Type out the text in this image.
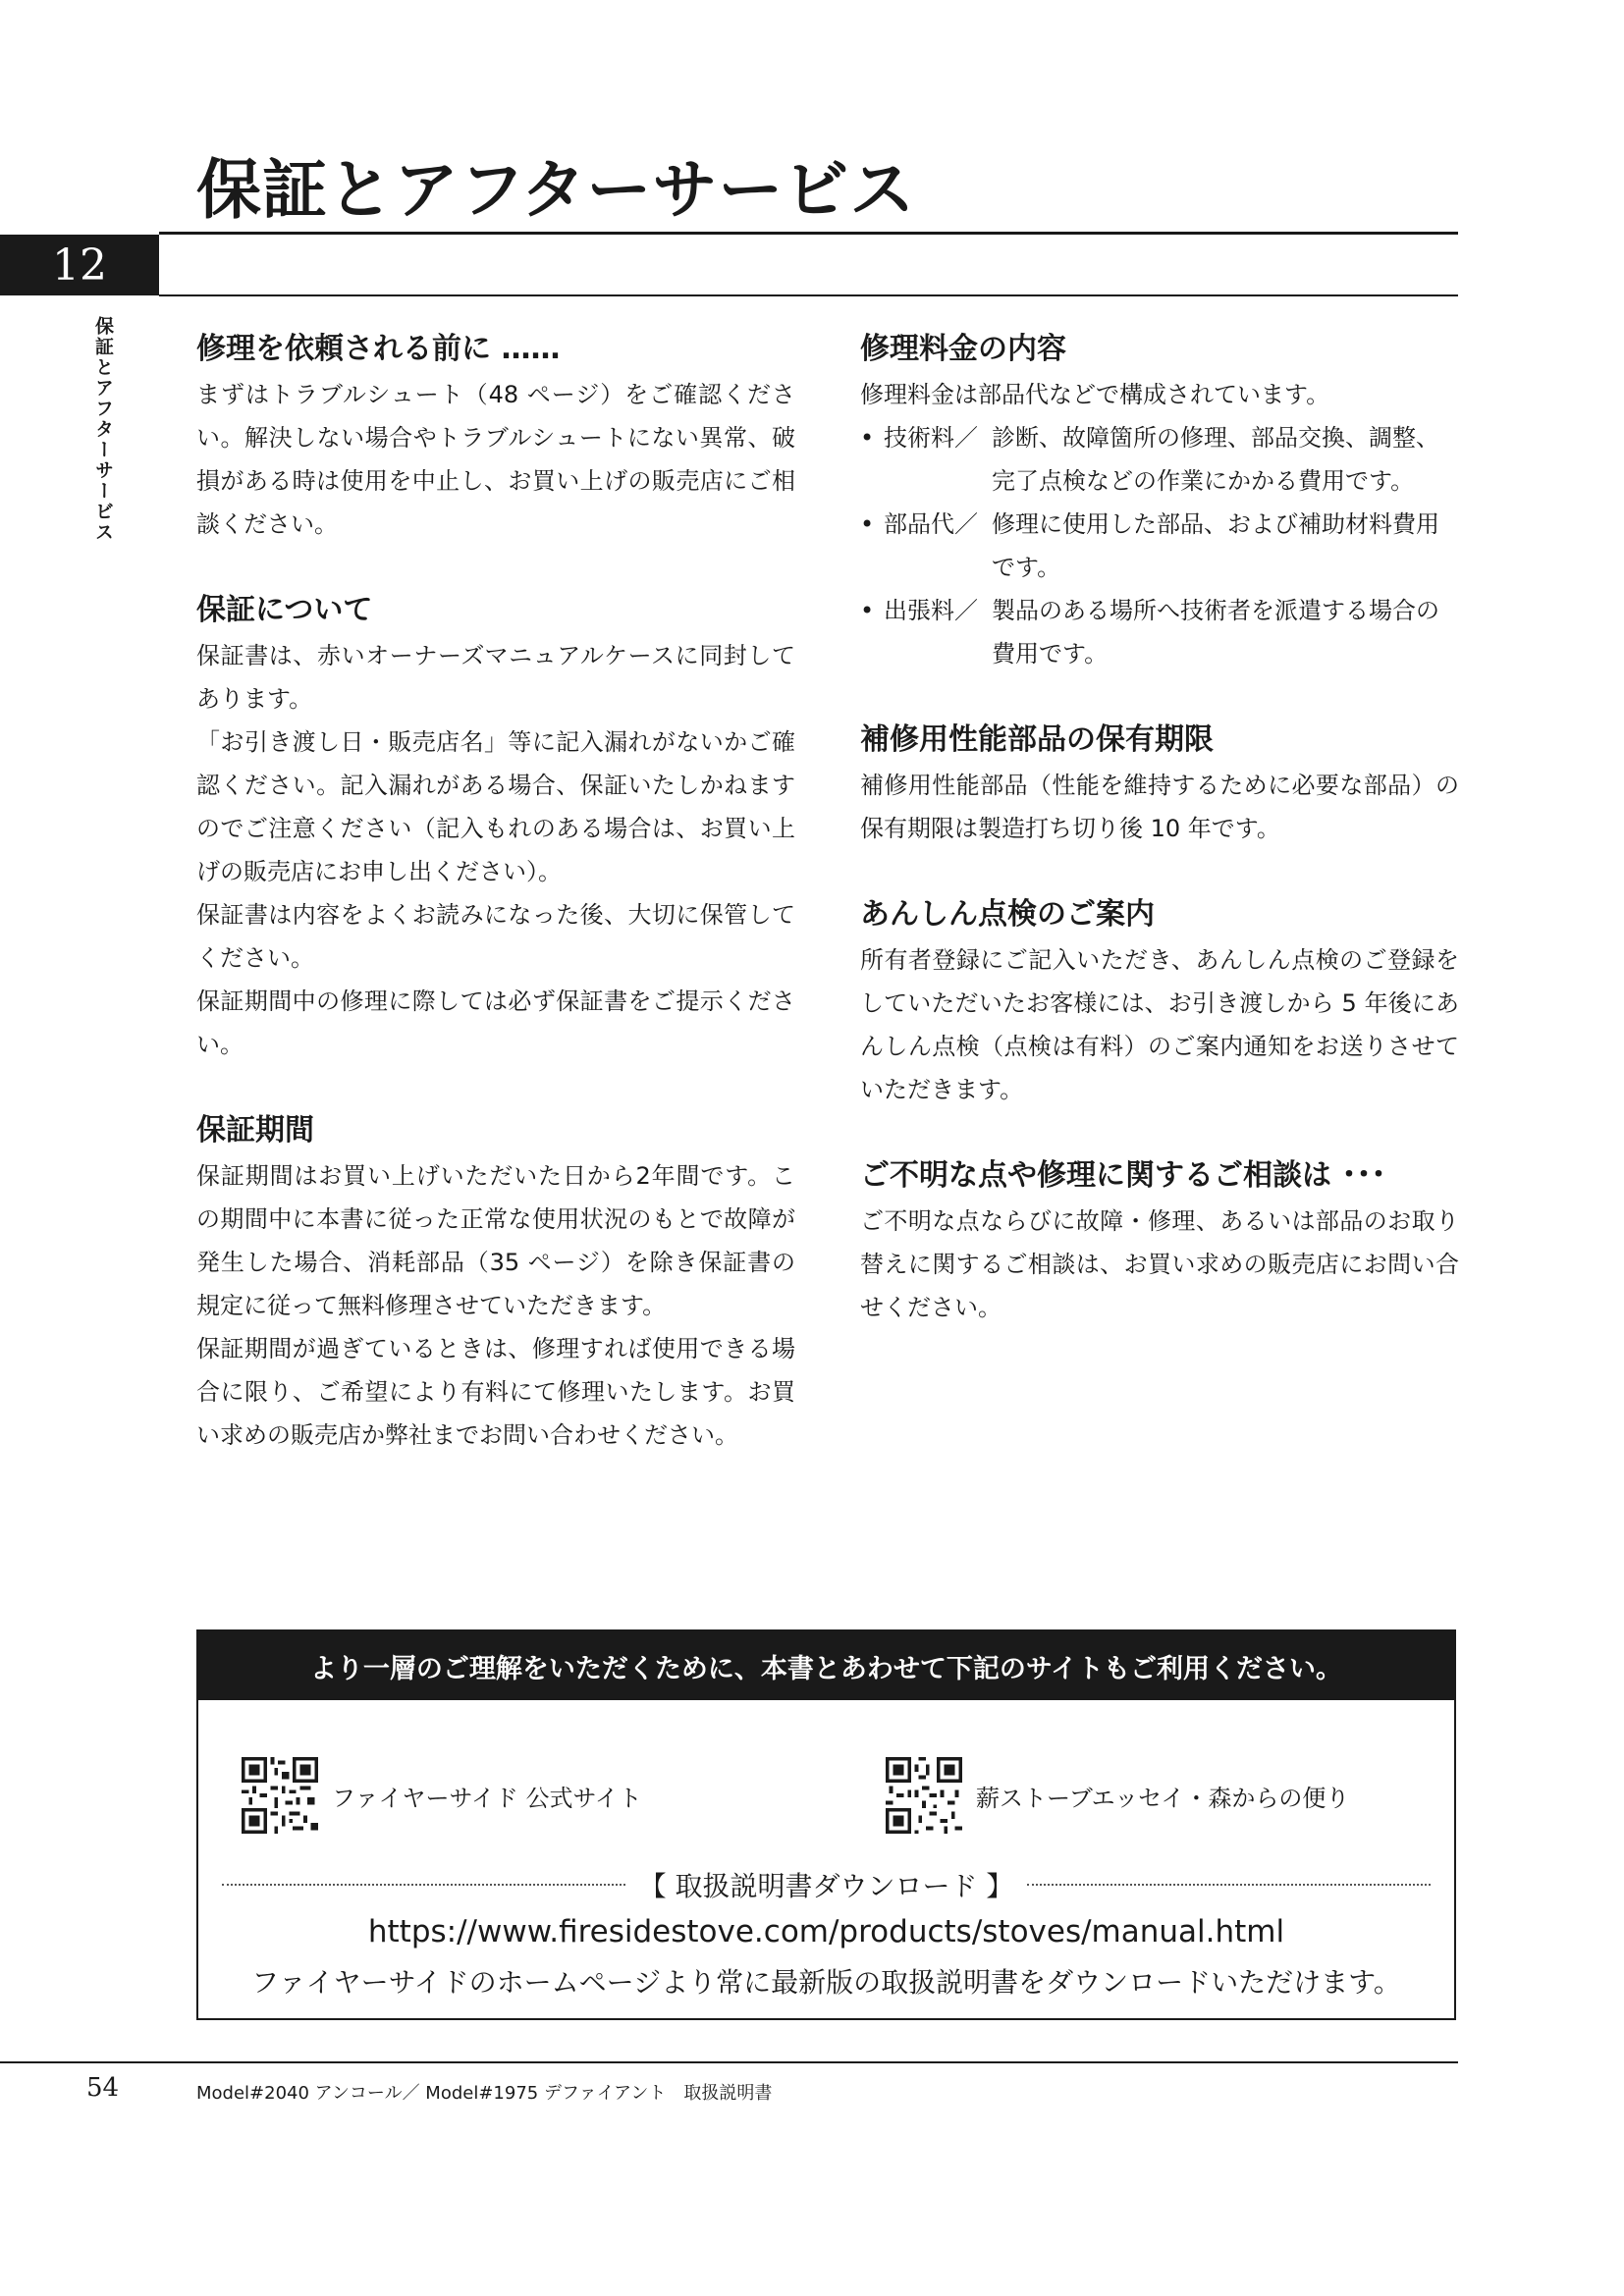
保証とアフターサービス
12
保証とアフターサービス	修理を依頼される前に ……

まずはトラブルシュート（48 ページ）をご確認ください。解決しない場合やトラブルシュートにない異常、破損がある時は使用を中止し、お買い上げの販売店にご相談ください。

保証について

保証書は、赤いオーナーズマニュアルケースに同封してあります。

「お引き渡し日・販売店名」等に記入漏れがないかご確認ください。記入漏れがある場合、保証いたしかねますのでご注意ください（記入もれのある場合は、お買い上げの販売店にお申し出ください）。

保証書は内容をよくお読みになった後、大切に保管してください。

保証期間中の修理に際しては必ず保証書をご提示ください。

保証期間

保証期間はお買い上げいただいた日から2年間です。この期間中に本書に従った正常な使用状況のもとで故障が発生した場合、消耗部品（35 ページ）を除き保証書の規定に従って無料修理させていただきます。

保証期間が過ぎているときは、修理すれば使用できる場合に限り、ご希望により有料にて修理いたします。お買い求めの販売店か弊社までお問い合わせください。

修理料金の内容

修理料金は部品代などで構成されています。

• 技術料／ 診断、故障箇所の修理、部品交換、調整、完了点検などの作業にかかる費用です。
• 部品代／ 修理に使用した部品、および補助材料費用です。
• 出張料／ 製品のある場所へ技術者を派遣する場合の費用です。
補修用性能部品の保有期限

補修用性能部品（性能を維持するために必要な部品）の保有期限は製造打ち切り後 10 年です。

あんしん点検のご案内

所有者登録にご記入いただき、あんしん点検のご登録をしていただいたお客様には、お引き渡しから 5 年後にあんしん点検（点検は有料）のご案内通知をお送りさせていただきます。

ご不明な点や修理に関するご相談は ･･･

ご不明な点ならびに故障・修理、あるいは部品のお取り替えに関するご相談は、お買い求めの販売店にお問い合せください。

より一層のご理解をいただくために、本書とあわせて下記のサイトもご利用ください。
ファイヤーサイド 公式サイト	薪ストーブエッセイ・森からの便り
【 取扱説明書ダウンロード 】
https://www.firesidestove.com/products/stoves/manual.html
ファイヤーサイドのホームページより常に最新版の取扱説明書をダウンロードいただけます。
54	Model#2040 アンコール／ Model#1975 デファイアント　取扱説明書
